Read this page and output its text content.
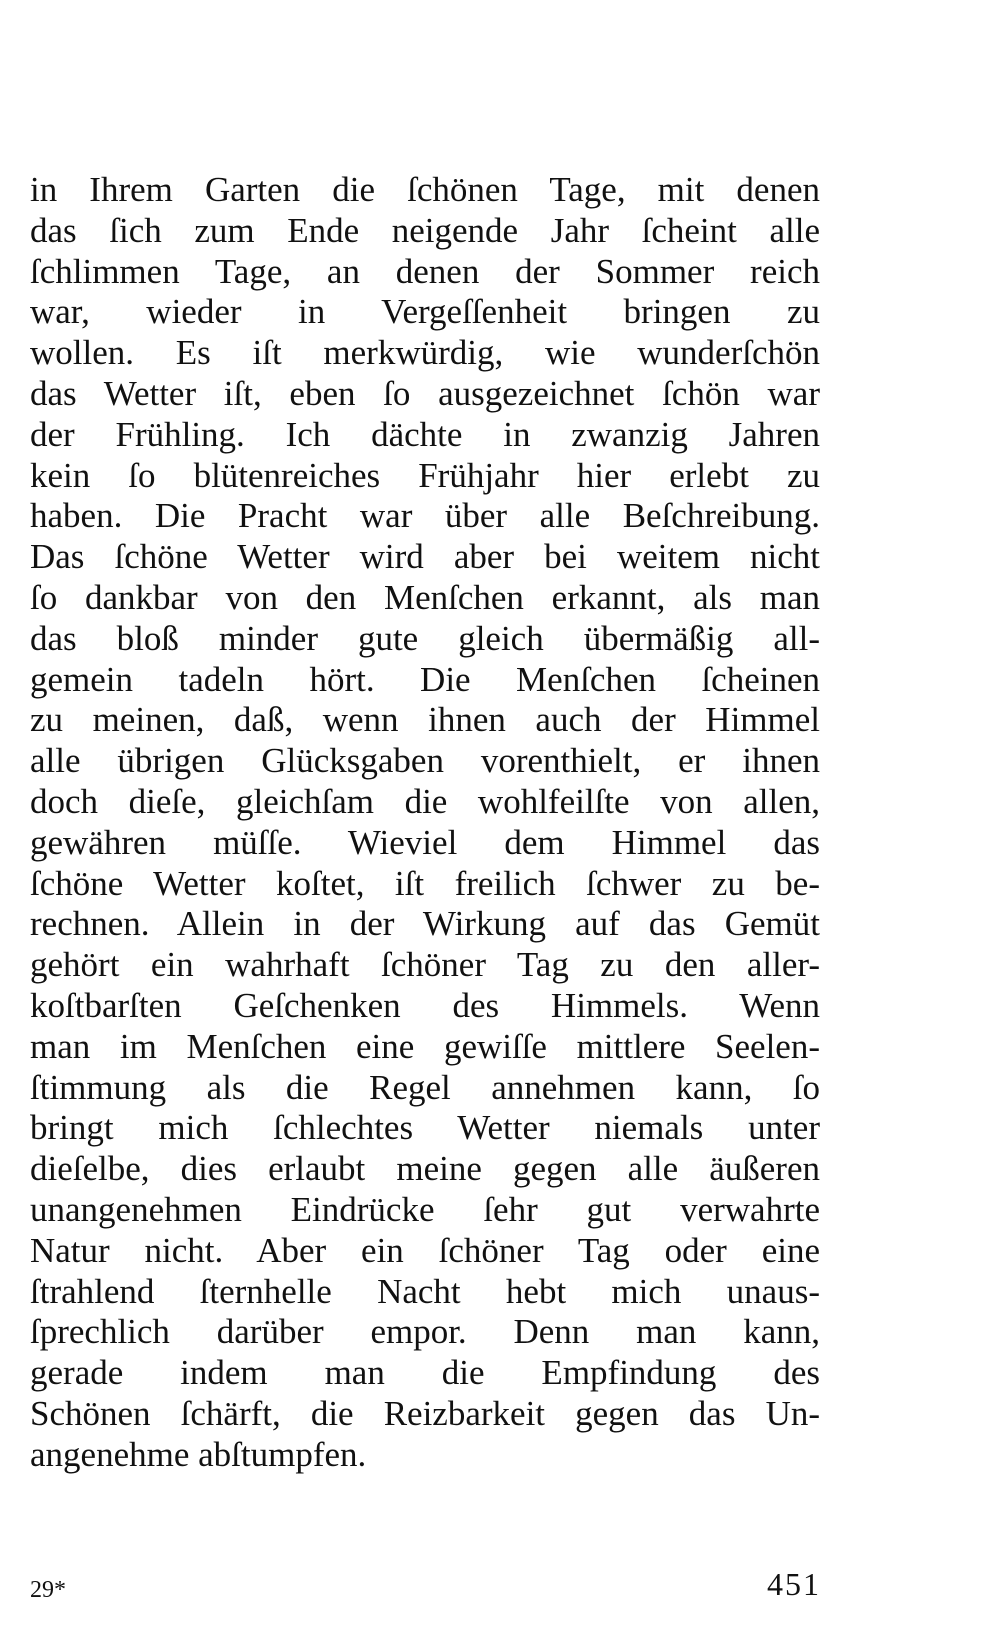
in Ihrem Garten die ſchönen Tage, mit denen
das ſich zum Ende neigende Jahr ſcheint alle
ſchlimmen Tage, an denen der Sommer reich
war, wieder in Vergeſſenheit bringen zu
wollen. Es iſt merkwürdig, wie wunderſchön
das Wetter iſt, eben ſo ausgezeichnet ſchön war
der Frühling. Ich dächte in zwanzig Jahren
kein ſo blütenreiches Frühjahr hier erlebt zu
haben. Die Pracht war über alle Beſchreibung.
Das ſchöne Wetter wird aber bei weitem nicht
ſo dankbar von den Menſchen erkannt, als man
das bloß minder gute gleich übermäßig all-
gemein tadeln hört. Die Menſchen ſcheinen
zu meinen, daß, wenn ihnen auch der Himmel
alle übrigen Glücksgaben vorenthielt, er ihnen
doch dieſe, gleichſam die wohlfeilſte von allen,
gewähren müſſe. Wieviel dem Himmel das
ſchöne Wetter koſtet, iſt freilich ſchwer zu be-
rechnen. Allein in der Wirkung auf das Gemüt
gehört ein wahrhaft ſchöner Tag zu den aller-
koſtbarſten Geſchenken des Himmels. Wenn
man im Menſchen eine gewiſſe mittlere Seelen-
ſtimmung als die Regel annehmen kann, ſo
bringt mich ſchlechtes Wetter niemals unter
dieſelbe, dies erlaubt meine gegen alle äußeren
unangenehmen Eindrücke ſehr gut verwahrte
Natur nicht. Aber ein ſchöner Tag oder eine
ſtrahlend ſternhelle Nacht hebt mich unaus-
ſprechlich darüber empor. Denn man kann,
gerade indem man die Empfindung des
Schönen ſchärft, die Reizbarkeit gegen das Un-
angenehme abſtumpfen.
29*	451
